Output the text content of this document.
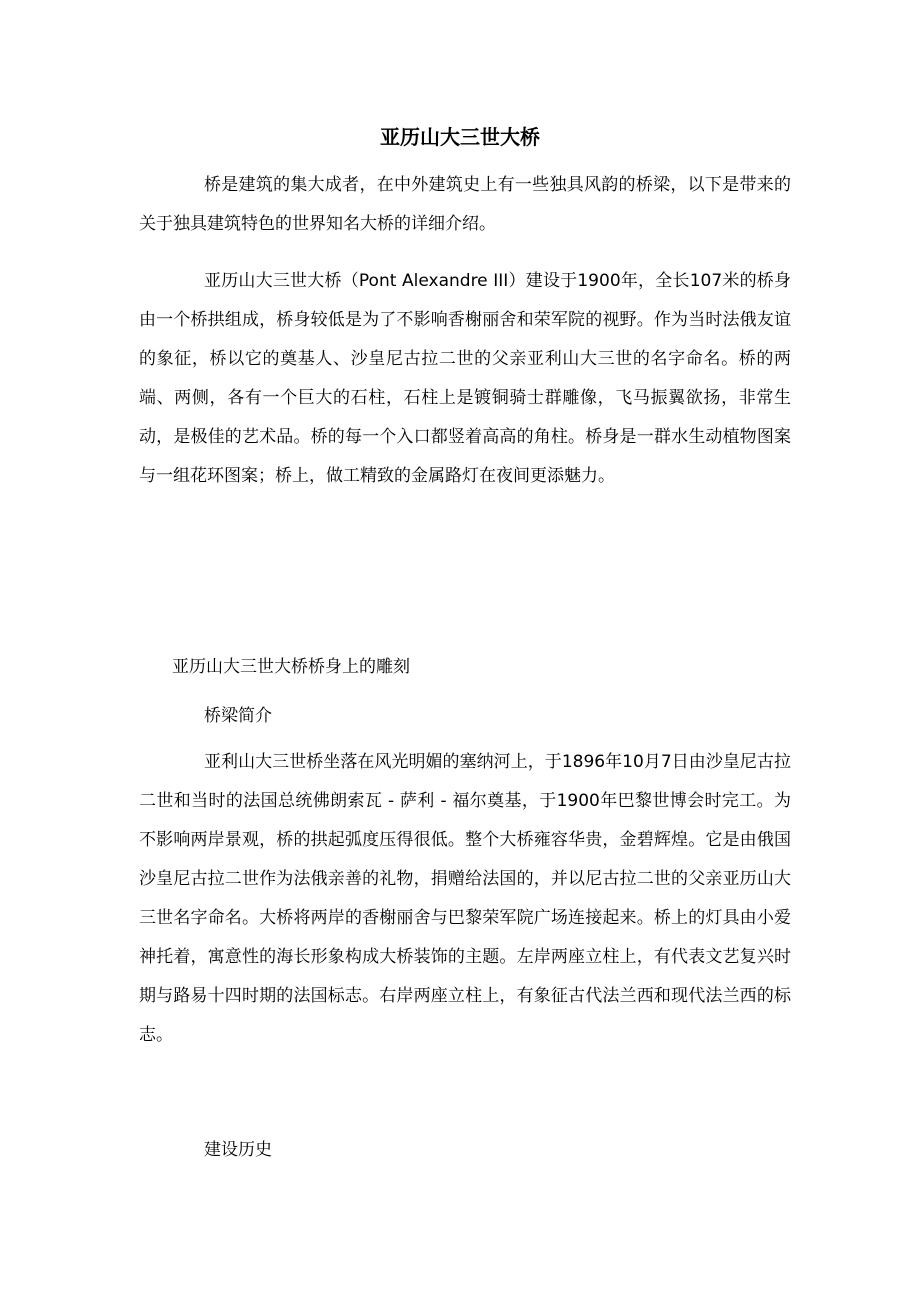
亚历山大三世大桥

桥是建筑的集大成者，在中外建筑史上有一些独具风韵的桥梁，以下是带来的关于独具建筑特色的世界知名大桥的详细介绍。

亚历山大三世大桥（Pont Alexandre III）建设于1900年，全长107米的桥身由一个桥拱组成，桥身较低是为了不影响香榭丽舍和荣军院的视野。作为当时法俄友谊的象征，桥以它的奠基人、沙皇尼古拉二世的父亲亚利山大三世的名字命名。桥的两端、两侧，各有一个巨大的石柱，石柱上是镀铜骑士群雕像，飞马振翼欲扬，非常生动，是极佳的艺术品。桥的每一个入口都竖着高高的角柱。桥身是一群水生动植物图案与一组花环图案；桥上，做工精致的金属路灯在夜间更添魅力。

亚历山大三世大桥桥身上的雕刻

桥梁简介

亚利山大三世桥坐落在风光明媚的塞纳河上，于1896年10月7日由沙皇尼古拉二世和当时的法国总统佛朗索瓦 - 萨利 - 福尔奠基，于1900年巴黎世博会时完工。为不影响两岸景观，桥的拱起弧度压得很低。整个大桥雍容华贵，金碧辉煌。它是由俄国沙皇尼古拉二世作为法俄亲善的礼物，捐赠给法国的，并以尼古拉二世的父亲亚历山大三世名字命名。大桥将两岸的香榭丽舍与巴黎荣军院广场连接起来。桥上的灯具由小爱神托着，寓意性的海长形象构成大桥装饰的主题。左岸两座立柱上，有代表文艺复兴时期与路易十四时期的法国标志。右岸两座立柱上，有象征古代法兰西和现代法兰西的标志。

建设历史
